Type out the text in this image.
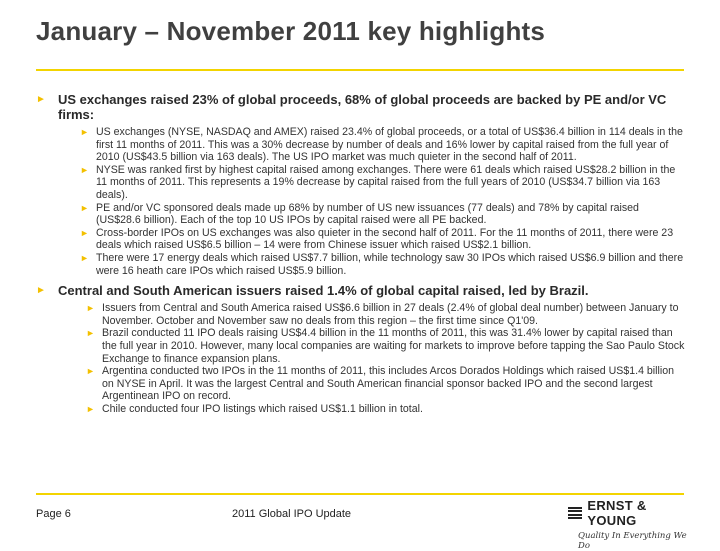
January – November 2011 key highlights
► US exchanges raised 23% of global proceeds, 68% of global proceeds are backed by PE and/or VC firms:
► US exchanges (NYSE, NASDAQ and AMEX) raised 23.4% of global proceeds, or a total of US$36.4 billion in 114 deals in the first 11 months of 2011. This was a 30% decrease by number of deals and 16% lower by capital raised from the full year of 2010 (US$43.5 billion via 163 deals). The US IPO market was much quieter in the second half of 2011.
► NYSE was ranked first by highest capital raised among exchanges. There were 61 deals which raised US$28.2 billion in the 11 months of 2011. This represents a 19% decrease by capital raised from the full years of 2010 (US$34.7 billion via 163 deals).
► PE and/or VC sponsored deals made up 68% by number of US new issuances (77 deals) and 78% by capital raised (US$28.6 billion). Each of the top 10 US IPOs by capital raised were all PE backed.
► Cross-border IPOs on US exchanges was also quieter in the second half of 2011. For the 11 months of 2011, there were 23 deals which raised US$6.5 billion – 14 were from Chinese issuer which raised US$2.1 billion.
► There were 17 energy deals which raised US$7.7 billion, while technology saw 30 IPOs which raised US$6.9 billion and there were 16 heath care IPOs which raised US$5.9 billion.
► Central and South American issuers raised 1.4% of global capital raised, led by Brazil.
► Issuers from Central and South America raised US$6.6 billion in 27 deals (2.4% of global deal number) between January to November. October and November saw no deals from this region – the first time since Q1'09.
► Brazil conducted 11 IPO deals raising US$4.4 billion in the 11 months of 2011, this was 31.4% lower by capital raised than the full year in 2010. However, many local companies are waiting for markets to improve before tapping the Sao Paulo Stock Exchange to finance expansion plans.
► Argentina conducted two IPOs in the 11 months of 2011, this includes Arcos Dorados Holdings which raised US$1.4 billion on NYSE in April. It was the largest Central and South American financial sponsor backed IPO and the second largest Argentinean IPO on record.
► Chile conducted four IPO listings which raised US$1.1 billion in total.
Page 6	2011 Global IPO Update
ERNST & YOUNG
Quality In Everything We Do
